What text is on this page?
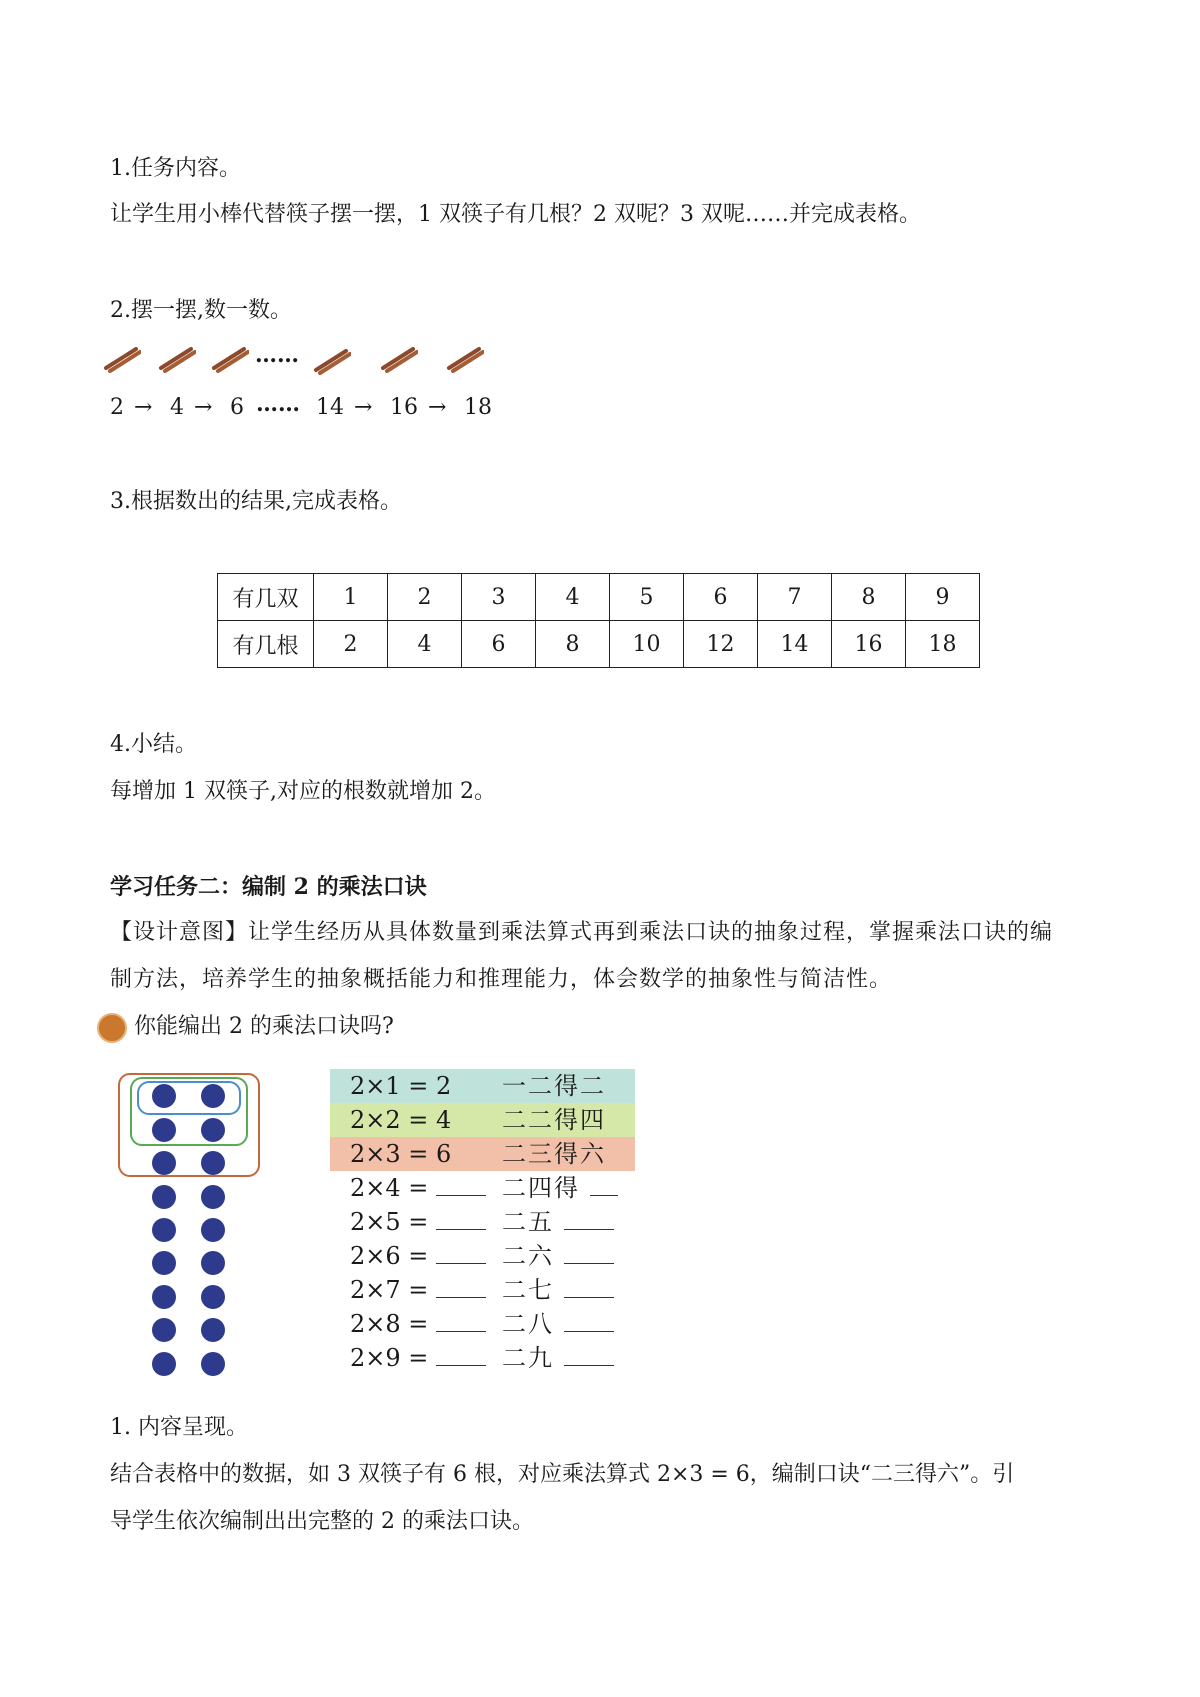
1.任务内容。
让学生用小棒代替筷子摆一摆，1 双筷子有几根？2 双呢？3 双呢……并完成表格。
2.摆一摆,数一数。
……
2 → 4 → 6 …… 14 → 16 → 18
3.根据数出的结果,完成表格。
有几双	1	2	3	4	5	6	7	8	9
有几根	2	4	6	8	10	12	14	16	18
4.小结。
每增加 1 双筷子,对应的根数就增加 2。
学习任务二：编制 2 的乘法口诀
【设计意图】让学生经历从具体数量到乘法算式再到乘法口诀的抽象过程，掌握乘法口诀的编
制方法，培养学生的抽象概括能力和推理能力，体会数学的抽象性与简洁性。
你能编出 2 的乘法口诀吗?
2×1 = 2 一二得二
2×2 = 4 二二得四
2×3 = 6 二三得六
2×4 =	二四得
2×5 =	二五
2×6 =	二六
2×7 =	二七
2×8 =	二八
2×9 =	二九
1. 内容呈现。
结合表格中的数据，如 3 双筷子有 6 根，对应乘法算式 2×3 = 6，编制口诀“二三得六”。引
导学生依次编制出出完整的 2 的乘法口诀。
